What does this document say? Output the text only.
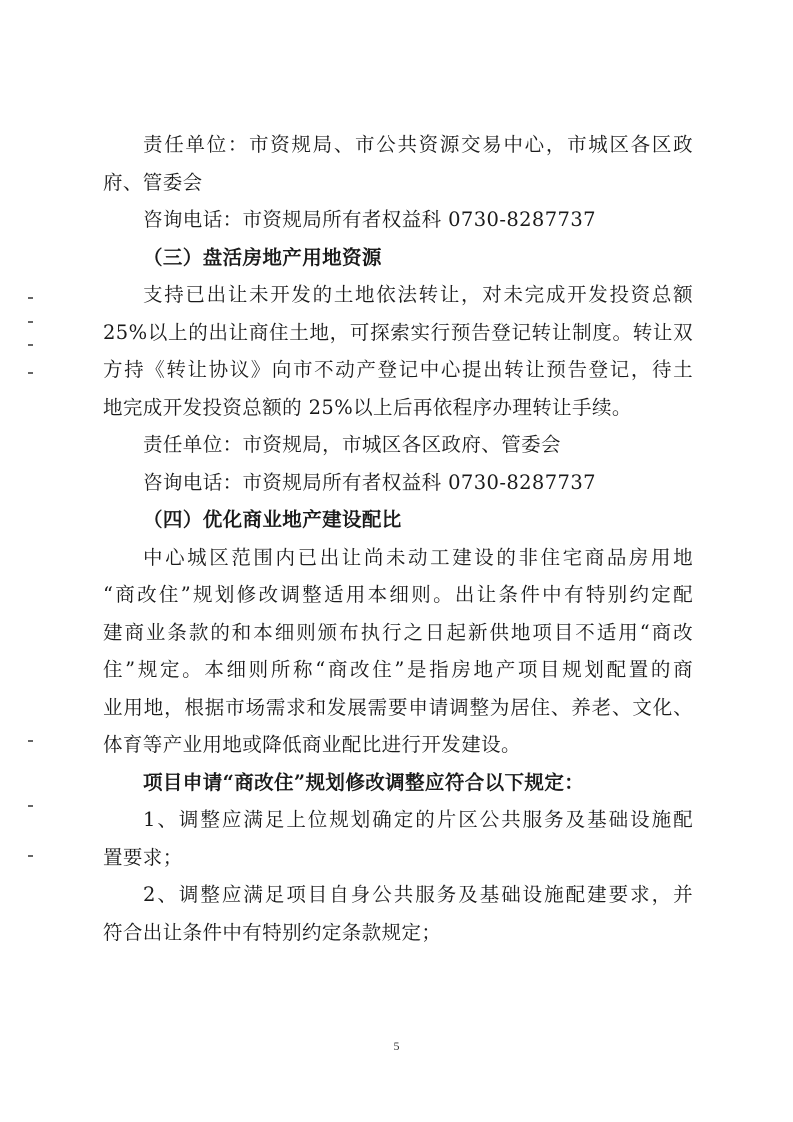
责任单位：市资规局、市公共资源交易中心，市城区各区政
府、管委会
咨询电话：市资规局所有者权益科 0730-8287737
（三）盘活房地产用地资源
支持已出让未开发的土地依法转让，对未完成开发投资总额
25%以上的出让商住土地，可探索实行预告登记转让制度。转让双
方持《转让协议》向市不动产登记中心提出转让预告登记，待土
地完成开发投资总额的 25%以上后再依程序办理转让手续。
责任单位：市资规局，市城区各区政府、管委会
咨询电话：市资规局所有者权益科 0730-8287737
（四）优化商业地产建设配比
中心城区范围内已出让尚未动工建设的非住宅商品房用地
“商改住”规划修改调整适用本细则。出让条件中有特别约定配
建商业条款的和本细则颁布执行之日起新供地项目不适用“商改
住”规定。本细则所称“商改住”是指房地产项目规划配置的商
业用地，根据市场需求和发展需要申请调整为居住、养老、文化、
体育等产业用地或降低商业配比进行开发建设。
项目申请“商改住”规划修改调整应符合以下规定：
1、调整应满足上位规划确定的片区公共服务及基础设施配
置要求；
2、调整应满足项目自身公共服务及基础设施配建要求，并
符合出让条件中有特别约定条款规定；
5
